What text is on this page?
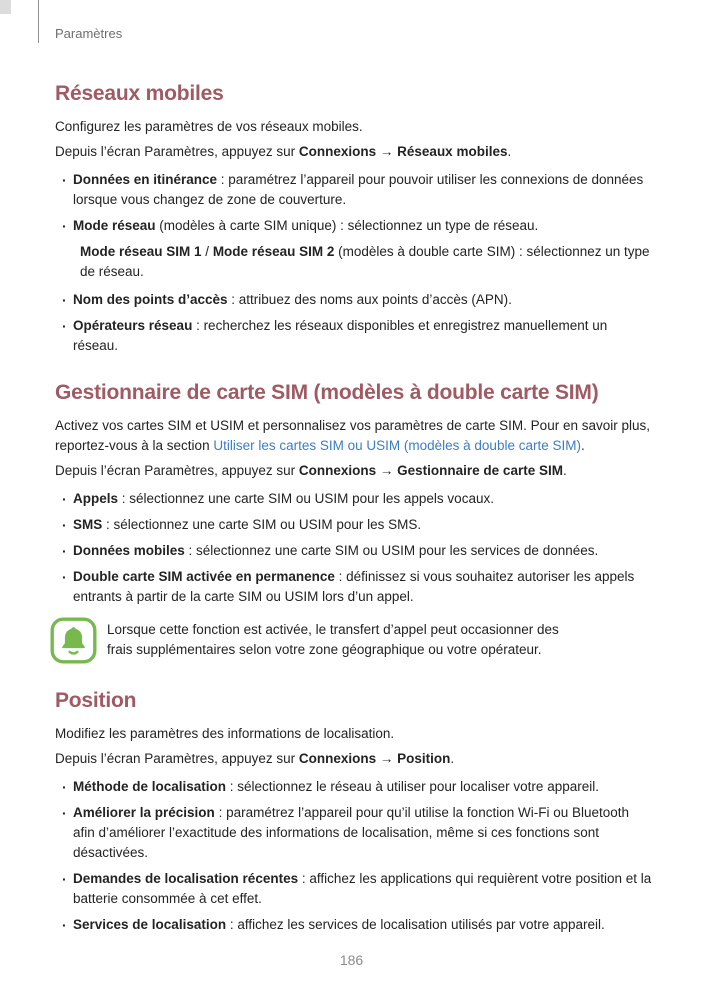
Paramètres
Réseaux mobiles

Configurez les paramètres de vos réseaux mobiles.

Depuis l’écran Paramètres, appuyez sur Connexions → Réseaux mobiles.

· Données en itinérance : paramétrez l’appareil pour pouvoir utiliser les connexions de données lorsque vous changez de zone de couverture.

· Mode réseau (modèles à carte SIM unique) : sélectionnez un type de réseau.

Mode réseau SIM 1 / Mode réseau SIM 2 (modèles à double carte SIM) : sélectionnez un type de réseau.

· Nom des points d’accès : attribuez des noms aux points d’accès (APN).

· Opérateurs réseau : recherchez les réseaux disponibles et enregistrez manuellement un réseau.

Gestionnaire de carte SIM (modèles à double carte SIM)

Activez vos cartes SIM et USIM et personnalisez vos paramètres de carte SIM. Pour en savoir plus, reportez-vous à la section Utiliser les cartes SIM ou USIM (modèles à double carte SIM).

Depuis l’écran Paramètres, appuyez sur Connexions → Gestionnaire de carte SIM.

· Appels : sélectionnez une carte SIM ou USIM pour les appels vocaux.

· SMS : sélectionnez une carte SIM ou USIM pour les SMS.

· Données mobiles : sélectionnez une carte SIM ou USIM pour les services de données.

· Double carte SIM activée en permanence : définissez si vous souhaitez autoriser les appels entrants à partir de la carte SIM ou USIM lors d’un appel.

Lorsque cette fonction est activée, le transfert d’appel peut occasionner des frais supplémentaires selon votre zone géographique ou votre opérateur.

Position

Modifiez les paramètres des informations de localisation.

Depuis l’écran Paramètres, appuyez sur Connexions → Position.

· Méthode de localisation : sélectionnez le réseau à utiliser pour localiser votre appareil.

· Améliorer la précision : paramétrez l’appareil pour qu’il utilise la fonction Wi-Fi ou Bluetooth afin d’améliorer l’exactitude des informations de localisation, même si ces fonctions sont désactivées.

· Demandes de localisation récentes : affichez les applications qui requièrent votre position et la batterie consommée à cet effet.

· Services de localisation : affichez les services de localisation utilisés par votre appareil.

186
